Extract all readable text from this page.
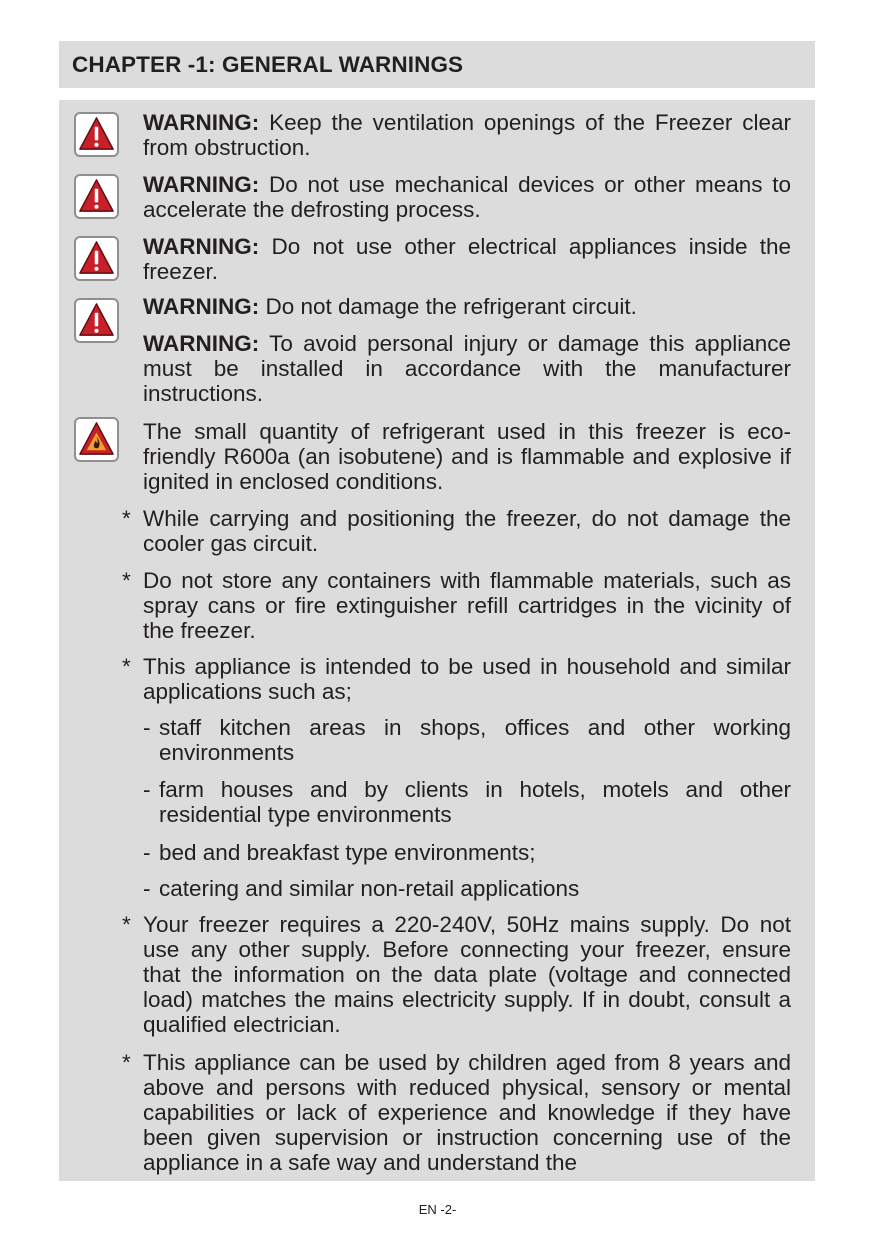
CHAPTER -1: GENERAL WARNINGS
WARNING: Keep the ventilation openings of the Freezer clear from obstruction.
WARNING: Do not use mechanical devices or other means to accelerate the defrosting process.
WARNING: Do not use other electrical appliances inside the freezer.
WARNING: Do not damage the refrigerant circuit.
WARNING: To avoid personal injury or damage this appliance must be installed in accordance with the manufacturer instructions.
The small quantity of refrigerant used in this freezer is eco- friendly R600a (an isobutene) and is flammable and explosive if ignited in enclosed conditions.
* While carrying and positioning the freezer, do not damage the cooler gas circuit.
* Do not store any containers with flammable materials, such as spray cans or fire extinguisher refill cartridges in the vicinity of the freezer.
* This appliance is intended to be used in household and similar applications such as;
- staff kitchen areas in shops, offices and other working environments
- farm houses and by clients in hotels, motels and other residential type environments
- bed and breakfast type environments;
- catering and similar non-retail applications
* Your freezer requires a 220-240V, 50Hz mains supply. Do not use any other supply. Before connecting your freezer, ensure that the information on the data plate (voltage and connected load) matches the mains electricity supply. If in doubt, consult a qualified electrician.
* This appliance can be used by children aged from 8 years and above and persons with reduced physical, sensory or mental capabilities or lack of experience and knowledge if they have been given supervision or instruction concerning use of the appliance in a safe way and understand the
EN -2-
